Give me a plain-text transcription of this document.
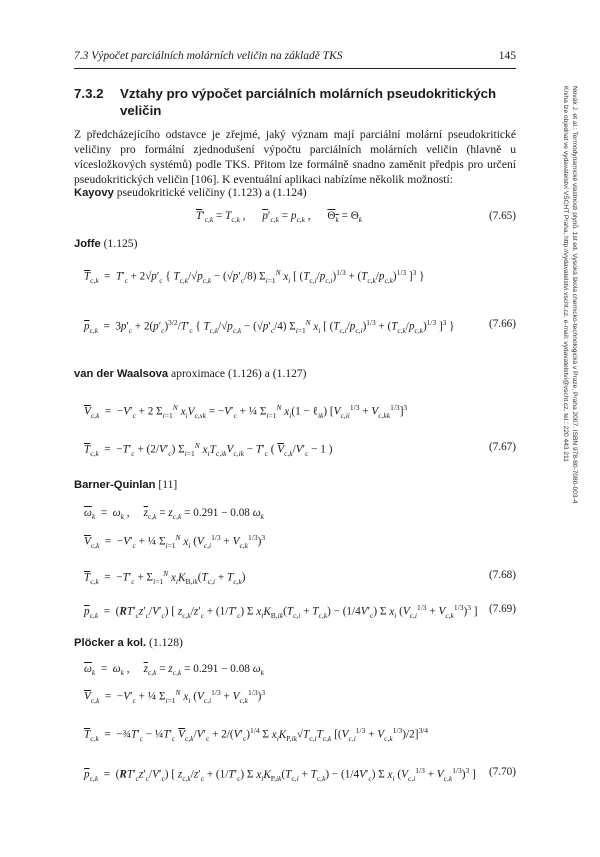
7.3 Výpočet parciálních molárních veličin na základě TKS	145
Novák J. et al.: Termodynamické vlastnosti plynů. 1st ed. Vysoká škola chemicko-technologická v Praze, Praha 2007. ISBN 978-80-7080-003-4
Kniha lze objednat ve vydavatelství VŠCHT Praha, http://vydavatelstvi.vscht.cz, e-mail: vydavatelstvi@vscht.cz, tel.: 220 443 211
7.3.2 Vztahy pro výpočet parciálních molárních pseudokritických veličin
Z předcházejícího odstavce je zřejmé, jaký význam mají parciální molární pseudokritické veličiny pro formální zjednodušení výpočtu parciálních molárních veličin (hlavně u vícesložkových systémů) podle TKS. Přitom lze formálně snadno zaměnit předpis pro určení pseudokritických veličin [106]. K eventuální aplikaci nabízíme několik možností:
Kayovy pseudokritické veličiny (1.123) a (1.124)
$\overline{T}'_{c,k} = T_{c,k}$ ,      $\overline{p}'_{c,k} = p_{c,k}$ ,      $\Theta_k = \Theta_k$	(7.65)
Joffe (1.125)
$\overline{T}_{c,k} = T'_c + 2√p'_c$ { $T_{c,k}/√p_{c,k} - (√p'_c/8)$ $\Sigma_{i=1}^N$ $x_i$ [ $(T_{c,i}/p_{c,i})^{1/3} + (T_{c,k}/p_{c,k})^{1/3}$ ]$^3$ }
$\overline{p}_{c,k} = 3p'_c + 2(p'_c)^{3/2}/T'_c$ { $T_{c,k}/√p_{c,k} - (√p'_c/4)$ $\Sigma_{i=1}^N$ $x_i$ [ $(T_{c,i}/p_{c,i})^{1/3} + (T_{c,k}/p_{c,k})^{1/3}$ ]$^3$ }	(7.66)
van der Waalsova aproximace (1.126) a (1.127)
$\overline{V}_{c,k} = -V'_c + 2$ $\Sigma_{i=1}^N$ $x_iV_{c,sk} = -V'_c$ + ¼ $\Sigma_{i=1}^N$ $x_i(1$ − ℓ$_{ik}$) $[V_{c,ii}^{1/3} + V_{c,kk}^{1/3}]^3$
$\overline{T}_{c,k} = -T'_c + (2/V'_c)$ $\Sigma_{i=1}^N$ $x_iT_{c,ik}V_{c,ik} - T'_c$ ( $\overline{V}_{c,k}/V'_c - 1$ )	(7.67)
Barner-Quinlan [11]
$\overline{\omega}_k = \omega_k$ ,     $\overline{z}_{c,k} = z_{c,k} = 0.291 - 0.08$ $\omega_k$
$\overline{V}_{c,k} = -V'_c$ + ¼ $\Sigma_{i=1}^N$ $x_i$ $(V_{c,i}^{1/3} + V_{c,k}^{1/3})^3$
$\overline{T}_{c,k} = -T'_c + \Sigma_{i=1}^N$ $x_iK_{B,ik}(T_{c,i} + T_{c,k})$	(7.68)
$\overline{p}_{c,k} = (RT'_cz'_c/V'_c)$ [ $z_{c,k}/z'_c + (1/T'_c)$ Σ $x_iK_{B,ik}(T_{c,i} + T_{c,k}) - (1/4V'_c)$ Σ $x_i$ $(V_{c,i}^{1/3} + V_{c,k}^{1/3})^3$ ] (7.69)
Plöcker a kol. (1.128)
$\overline{\omega}_k = \omega_k$ ,     $\overline{z}_{c,k} = z_{c,k} = 0.291 - 0.08$ $\omega_k$
$\overline{V}_{c,k} = -V'_c$ + ¼ $\Sigma_{i=1}^N$ $x_i$ $(V_{c,i}^{1/3} + V_{c,k}^{1/3})^3$
$\overline{T}_{c,k}$  =  $-\frac{3}{4}T'_c$ − $\frac{1}{4}T'_c$ $\overline{V}_{c,k}/V'_c + 2/(V'_c)^{1/4}$ Σ $x_iK_{P,ik}√T_{c,i}T_{c,k}$ $[(V_{c,i}^{1/3} + V_{c,k}^{1/3})/2]^{3/4}$
$\overline{p}_{c,k} = (RT'_cz'_c/V'_c)$ [ $z_{c,k}/z'_c + (1/T'_c)$ Σ $x_iK_{P,ik}(T_{c,i} + T_{c,k}) - (1/4V'_c)$ Σ $x_i$ $(V_{c,i}^{1/3} + V_{c,k}^{1/3})^3$ ] (7.70)
